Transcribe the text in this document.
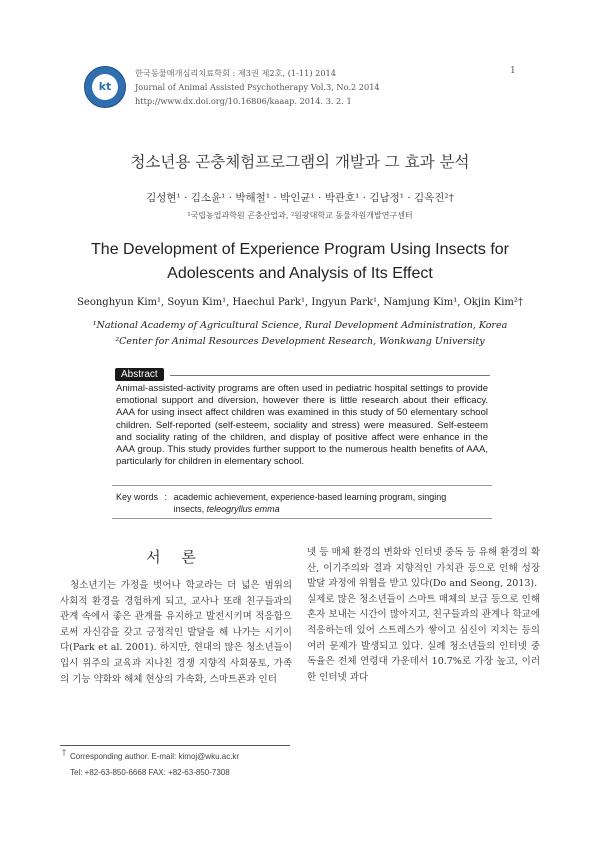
kt
한국동물매개심리치료학회 : 제3권 제2호, (1-11) 2014
Journal of Animal Assisted Psychotherapy Vol.3, No.2 2014
http://www.dx.doi.org/10.16806/kaaap. 2014. 3. 2. 1
1
청소년용 곤충체험프로그램의 개발과 그 효과 분석
김성현¹ · 김소윤¹ · 박해철¹ · 박인균¹ · 박관호¹ · 김남정¹ · 김옥진²†
¹국립농업과학원 곤충산업과, ²원광대학교 동물자원개발연구센터
The Development of Experience Program Using Insects for
Adolescents and Analysis of Its Effect
Seonghyun Kim¹, Soyun Kim¹, Haechul Park¹, Ingyun Park¹, Namjung Kim¹, Okjin Kim²†
¹National Academy of Agricultural Science, Rural Development Administration, Korea
²Center for Animal Resources Development Research, Wonkwang University
Abstract
Animal-assisted-activity programs are often used in pediatric hospital settings to provide emotional support and diversion, however there is little research about their efficacy. AAA for using insect affect children was examined in this study of 50 elementary school children. Self-reported (self-esteem, sociality and stress) were measured. Self-esteem and sociality rating of the children, and display of positive affect were enhance in the AAA group. This study provides further support to the numerous health benefits of AAA, particularly for children in elementary school.
Key words : academic achievement, experience-based learning program, singing insects, teleogryllus emma
서 론
청소년기는 가정을 벗어나 학교라는 더 넓은 범위의 사회적 환경을 경험하게 되고, 교사나 또래 친구들과의 관계 속에서 좋은 관계를 유지하고 발전시키며 적응함으로써 자신감을 갖고 긍정적인 발달을 해 나가는 시기이다(Park et al. 2001). 하지만, 현대의 많은 청소년들이 입시 위주의 교육과 지나친 경쟁 지향적 사회풍토, 가족의 기능 약화와 해체 현상의 가속화, 스마트폰과 인터
넷 등 매체 환경의 변화와 인터넷 중독 등 유해 환경의 확산, 이기주의와 결과 지향적인 가치관 등으로 인해 성장발달 과정에 위협을 받고 있다(Do and Seong, 2013).
실제로 많은 청소년들이 스마트 매체의 보급 등으로 인해 혼자 보내는 시간이 많아지고, 친구들과의 관계나 학교에 적응하는데 있어 스트레스가 쌓이고 심신이 지치는 등의 여러 문제가 발생되고 있다. 실례 청소년들의 인터넷 중독율은 전체 연령대 가운데서 10.7%로 가장 높고, 이러한 인터넷 과다
† Corresponding author. E-mail: kimoj@wku.ac.kr
Tel: +82-63-850-6668 FAX: +82-63-850-7308
